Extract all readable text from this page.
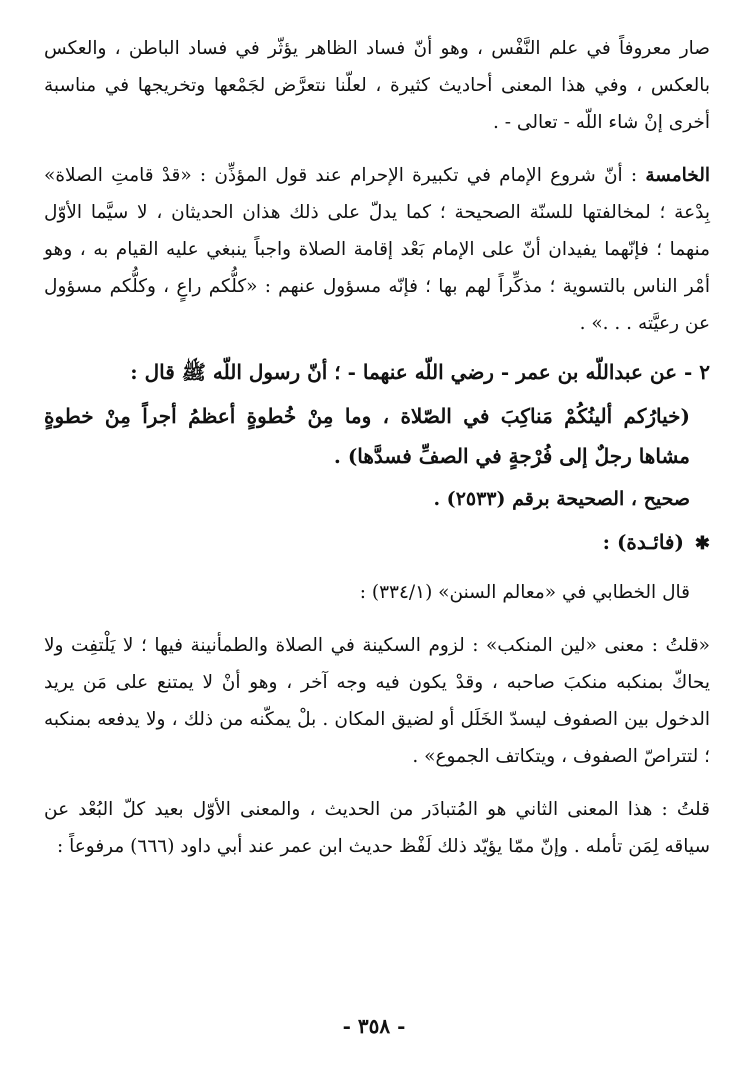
صار معروفاً في علم النَّفْس ، وهو أنّ فساد الظاهر يؤثّر في فساد الباطن ، والعكس بالعكس ، وفي هذا المعنى أحاديث كثيرة ، لعلّنا نتعرَّض لجَمْعها وتخريجها في مناسبة أخرى إنْ شاء اللّه - تعالى - .

الخامسة : أنّ شروع الإمام في تكبيرة الإحرام عند قول المؤذِّن : «قدْ قامتِ الصلاة» بِدْعة ؛ لمخالفتها للسنّة الصحيحة ؛ كما يدلّ على ذلك هذان الحديثان ، لا سيَّما الأوّل منهما ؛ فإنّهما يفيدان أنّ على الإمام بَعْد إقامة الصلاة واجباً ينبغي عليه القيام به ، وهو أمْر الناس بالتسوية ؛ مذكِّراً لهم بها ؛ فإنّه مسؤول عنهم : «كلُّكم راعٍ ، وكلُّكم مسؤول عن رعيَّته . . .» .

٢ - عن عبداللّه بن عمر - رضي اللّه عنهما - ؛ أنّ رسول اللّه ﷺ قال :

(خيارُكم ألينُكُمْ مَناكِبَ في الصّلاة ، وما مِنْ خُطوةٍ أعظمُ أجراً مِنْ خطوةٍ مشاها رجلٌ إلى فُرْجةٍ في الصفِّ فسدَّها) .

صحيح ، الصحيحة برقم (٢٥٣٣) .

✱ (فائـدة) :

قال الخطابي في «معالم السنن» (٣٣٤/١) :

«قلتُ : معنى «لين المنكب» : لزوم السكينة في الصلاة والطمأنينة فيها ؛ لا يَلْتفِت ولا يحاكّ بمنكبه منكبَ صاحبه ، وقدْ يكون فيه وجه آخر ، وهو أنْ لا يمتنع على مَن يريد الدخول بين الصفوف ليسدّ الخَلَل أو لضيق المكان . بلْ يمكّنه من ذلك ، ولا يدفعه بمنكبه ؛ لتتراصّ الصفوف ، ويتكاتف الجموع» .

قلتُ : هذا المعنى الثاني هو المُتبادَر من الحديث ، والمعنى الأوّل بعيد كلّ البُعْد عن سياقه لِمَن تأمله . وإنّ ممّا يؤيّد ذلك لَفْظ حديث ابن عمر عند أبي داود (٦٦٦) مرفوعاً :

- ٣٥٨ -
